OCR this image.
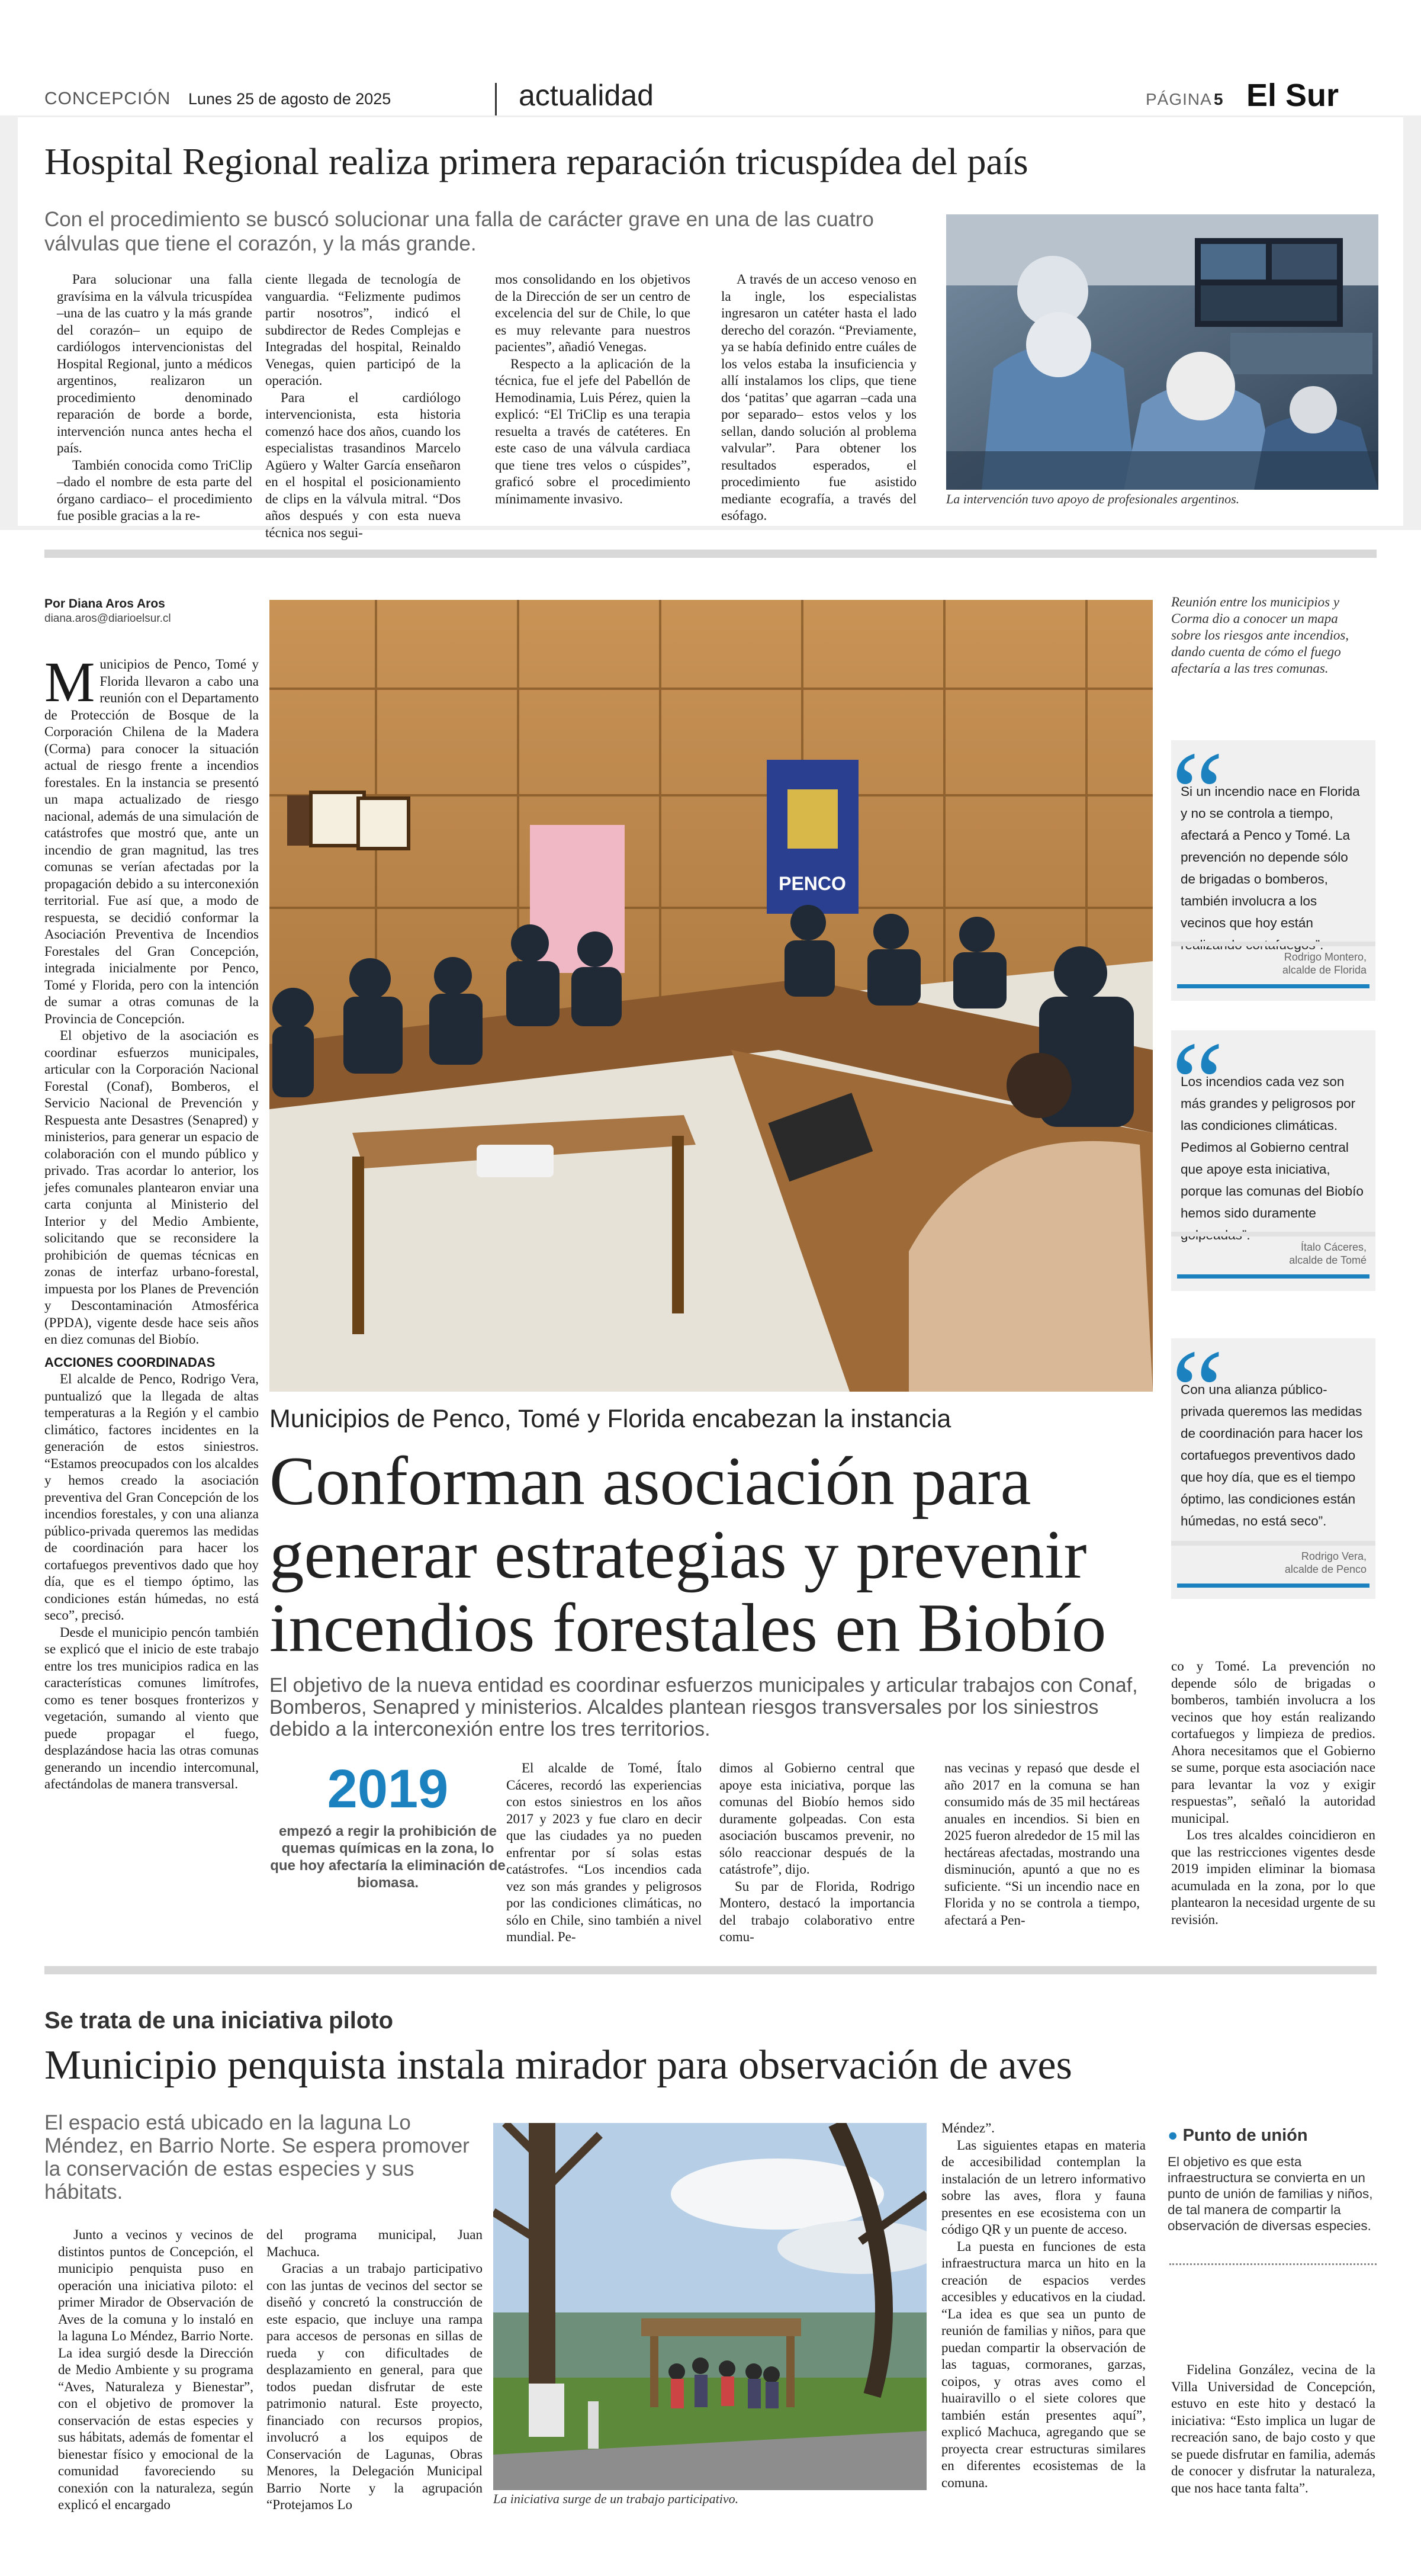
CONCEPCIÓN Lunes 25 de agosto de 2025	actualidad	PÁGINA 5 El Sur
Hospital Regional realiza primera reparación tricuspídea del país
Con el procedimiento se buscó solucionar una falla de carácter grave en una de las cuatro válvulas que tiene el corazón, y la más grande.

Para solucionar una falla gravísima en la válvula tricuspídea –una de las cuatro y la más grande del corazón– un equipo de cardiólogos intervencionistas del Hospital Regional, junto a médicos argentinos, realizaron un procedimiento denominado reparación de borde a borde, intervención nunca antes hecha el país.

También conocida como TriClip –dado el nombre de esta parte del órgano cardiaco– el procedimiento fue posible gracias a la re-

ciente llegada de tecnología de vanguardia. “Felizmente pudimos partir nosotros”, indicó el subdirector de Redes Complejas e Integradas del hospital, Reinaldo Venegas, quien participó de la operación.

Para el cardiólogo intervencionista, esta historia comenzó hace dos años, cuando los especialistas trasandinos Marcelo Agüero y Walter García enseñaron en el hospital el posicionamiento de clips en la válvula mitral. “Dos años después y con esta nueva técnica nos segui-

mos consolidando en los objetivos de la Dirección de ser un centro de excelencia del sur de Chile, lo que es muy relevante para nuestros pacientes”, añadió Venegas.

Respecto a la aplicación de la técnica, fue el jefe del Pabellón de Hemodinamia, Luis Pérez, quien la explicó: “El TriClip es una terapia resuelta a través de catéteres. En este caso de una válvula cardiaca que tiene tres velos o cúspides”, graficó sobre el procedimiento mínimamente invasivo.

A través de un acceso venoso en la ingle, los especialistas ingresaron un catéter hasta el lado derecho del corazón. “Previamente, ya se había definido entre cuáles de los velos estaba la insuficiencia y allí instalamos los clips, que tiene dos ‘patitas’ que agarran –cada una por separado– estos velos y los sellan, dando solución al problema valvular”. Para obtener los resultados esperados, el procedimiento fue asistido mediante ecografía, a través del esófago.

La intervención tuvo apoyo de profesionales argentinos.
Por Diana Aros Aros
diana.aros@diarioelsur.cl

Municipios de Penco, Tomé y Florida llevaron a cabo una reunión con el Departamento de Protección de Bosque de la Corporación Chilena de la Madera (Corma) para conocer la situación actual de riesgo frente a incendios forestales. En la instancia se presentó un mapa actualizado de riesgo nacional, además de una simulación de catástrofes que mostró que, ante un incendio de gran magnitud, las tres comunas se verían afectadas por la propagación debido a su interconexión territorial. Fue así que, a modo de respuesta, se decidió conformar la Asociación Preventiva de Incendios Forestales del Gran Concepción, integrada inicialmente por Penco, Tomé y Florida, pero con la intención de sumar a otras comunas de la Provincia de Concepción.

El objetivo de la asociación es coordinar esfuerzos municipales, articular con la Corporación Nacional Forestal (Conaf), Bomberos, el Servicio Nacional de Prevención y Respuesta ante Desastres (Senapred) y ministerios, para generar un espacio de colaboración con el mundo público y privado. Tras acordar lo anterior, los jefes comunales plantearon enviar una carta conjunta al Ministerio del Interior y del Medio Ambiente, solicitando que se reconsidere la prohibición de quemas técnicas en zonas de interfaz urbano-forestal, impuesta por los Planes de Prevención y Descontaminación Atmosférica (PPDA), vigente desde hace seis años en diez comunas del Biobío.

ACCIONES COORDINADAS

El alcalde de Penco, Rodrigo Vera, puntualizó que la llegada de altas temperaturas a la Región y el cambio climático, factores incidentes en la generación de estos siniestros. “Estamos preocupados con los alcaldes y hemos creado la asociación preventiva del Gran Concepción de los incendios forestales, y con una alianza público-privada queremos las medidas de coordinación para hacer los cortafuegos preventivos dado que hoy día, que es el tiempo óptimo, las condiciones están húmedas, no está seco”, precisó.

Desde el municipio pencón también se explicó que el inicio de este trabajo entre los tres municipios radica en las características comunes limítrofes, como es tener bosques fronterizos y vegetación, sumando al viento que puede propagar el fuego, desplazándose hacia las otras comunas generando un incendio intercomunal, afectándolas de manera transversal.

PENCO
Reunión entre los municipios y Corma dio a conocer un mapa sobre los riesgos ante incendios, dando cuenta de cómo el fuego afectaría a las tres comunas.
“
Si un incendio nace en Florida y no se controla a tiempo, afectará a Penco y Tomé. La prevención no depende sólo de brigadas o bomberos, también involucra a los vecinos que hoy están
Rodrigo Montero,
alcalde de Florida
“
Los incendios cada vez son más grandes y peligrosos por las condiciones climáticas. Pedimos al Gobierno central que apoye esta iniciativa, porque las comunas del Biobío hemos sido duramente
Ítalo Cáceres,
alcalde de Tomé
“
Con una alianza público-privada queremos las medidas de coordinación para hacer los cortafuegos preventivos dado que hoy día, que es el tiempo óptimo, las condiciones están húmedas, no está seco”.
Rodrigo Vera,
alcalde de Penco
Municipios de Penco, Tomé y Florida encabezan la instancia
Conforman asociación para generar estrategias y prevenir incendios forestales en Biobío
El objetivo de la nueva entidad es coordinar esfuerzos municipales y articular trabajos con Conaf, Bomberos, Senapred y ministerios. Alcaldes plantean riesgos transversales por los siniestros debido a la interconexión entre los tres territorios.
2019
empezó a regir la prohibición de quemas químicas en la zona, lo que hoy afectaría la eliminación de biomasa.

El alcalde de Tomé, Ítalo Cáceres, recordó las experiencias con estos siniestros en los años 2017 y 2023 y fue claro en decir que las ciudades ya no pueden enfrentar por sí solas estas catástrofes. “Los incendios cada vez son más grandes y peligrosos por las condiciones climáticas, no sólo en Chile, sino también a nivel mundial. Pe-

dimos al Gobierno central que apoye esta iniciativa, porque las comunas del Biobío hemos sido duramente golpeadas. Con esta asociación buscamos prevenir, no sólo reaccionar después de la catástrofe”, dijo.

Su par de Florida, Rodrigo Montero, destacó la importancia del trabajo colaborativo entre comu-

nas vecinas y repasó que desde el año 2017 en la comuna se han consumido más de 35 mil hectáreas anuales en incendios. Si bien en 2025 fueron alrededor de 15 mil las hectáreas afectadas, mostrando una disminución, apuntó a que no es suficiente. “Si un incendio nace en Florida y no se controla a tiempo, afectará a Pen-

co y Tomé. La prevención no depende sólo de brigadas o bomberos, también involucra a los vecinos que hoy están realizando cortafuegos y limpieza de predios. Ahora necesitamos que el Gobierno se sume, porque esta asociación nace para levantar la voz y exigir respuestas”, señaló la autoridad municipal.

Los tres alcaldes coincidieron en que las restricciones vigentes desde 2019 impiden eliminar la biomasa acumulada en la zona, por lo que plantearon la necesidad urgente de su revisión.

Se trata de una iniciativa piloto
Municipio penquista instala mirador para observación de aves
El espacio está ubicado en la laguna Lo Méndez, en Barrio Norte. Se espera promover la conservación de estas especies y sus hábitats.

Junto a vecinos y vecinos de distintos puntos de Concepción, el municipio penquista puso en operación una iniciativa piloto: el primer Mirador de Observación de Aves de la comuna y lo instaló en la laguna Lo Méndez, Barrio Norte. La idea surgió desde la Dirección de Medio Ambiente y su programa “Aves, Naturaleza y Bienestar”, con el objetivo de promover la conservación de estas especies y sus hábitats, además de fomentar el bienestar físico y emocional de la comunidad favoreciendo su conexión con la naturaleza, según explicó el encargado

del programa municipal, Juan Machuca.

Gracias a un trabajo participativo con las juntas de vecinos del sector se diseñó y concretó la construcción de este espacio, que incluye una rampa para accesos de personas en sillas de rueda y con dificultades de desplazamiento en general, para que todos puedan disfrutar de este patrimonio natural. Este proyecto, financiado con recursos propios, involucró a los equipos de Conservación de Lagunas, Obras Menores, la Delegación Municipal Barrio Norte y la agrupación “Protejamos Lo	La iniciativa surge de un trabajo participativo.

Méndez”.

Las siguientes etapas en materia de accesibilidad contemplan la instalación de un letrero informativo sobre las aves, flora y fauna presentes en ese ecosistema con un código QR y un puente de acceso.

La puesta en funciones de esta infraestructura marca un hito en la creación de espacios verdes accesibles y educativos en la ciudad. “La idea es que sea un punto de reunión de familias y niños, para que puedan compartir la observación de las taguas, cormoranes, garzas, coipos, y otras aves como el huairavillo o el siete colores que también están presentes aquí”, explicó Machuca, agregando que se proyecta crear estructuras similares en diferentes ecosistemas de la comuna.

● Punto de unión
El objetivo es que esta infraestructura se convierta en un punto de unión de familias y niños, de tal manera de compartir la observación de diversas especies.

Fidelina González, vecina de la Villa Universidad de Concepción, estuvo en este hito y destacó la iniciativa: “Esto implica un lugar de recreación sano, de bajo costo y que se puede disfrutar en familia, además de conocer y disfrutar la naturaleza, que nos hace tanta falta”.
